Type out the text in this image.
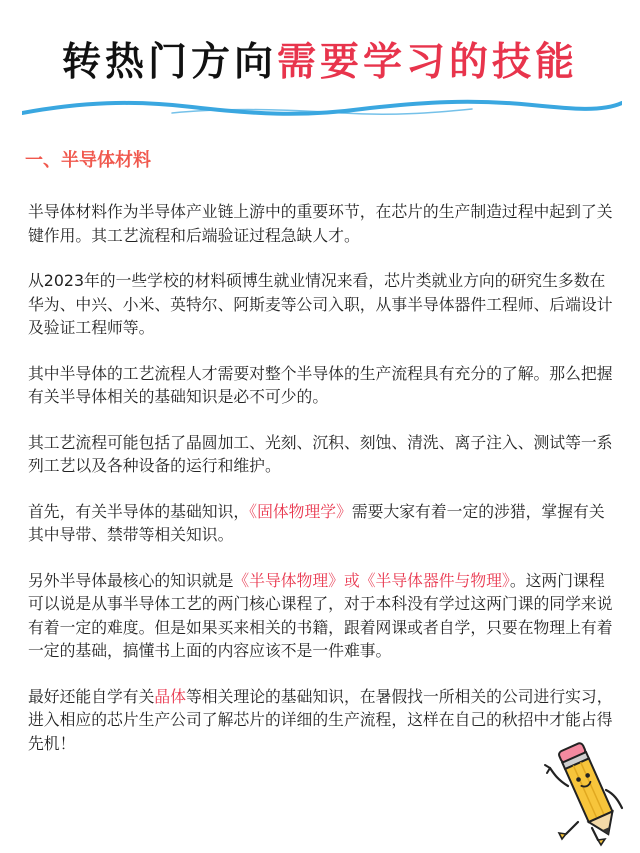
转热门方向需要学习的技能
一、半导体材料

半导体材料作为半导体产业链上游中的重要环节，在芯片的生产制造过程中起到了关键作用。其工艺流程和后端验证过程急缺人才。

从2023年的一些学校的材料硕博生就业情况来看，芯片类就业方向的研究生多数在华为、中兴、小米、英特尔、阿斯麦等公司入职，从事半导体器件工程师、后端设计及验证工程师等。

其中半导体的工艺流程人才需要对整个半导体的生产流程具有充分的了解。那么把握有关半导体相关的基础知识是必不可少的。

其工艺流程可能包括了晶圆加工、光刻、沉积、刻蚀、清洗、离子注入、测试等一系列工艺以及各种设备的运行和维护。

首先，有关半导体的基础知识，《固体物理学》需要大家有着一定的涉猎，掌握有关其中导带、禁带等相关知识。

另外半导体最核心的知识就是《半导体物理》或《半导体器件与物理》。这两门课程可以说是从事半导体工艺的两门核心课程了，对于本科没有学过这两门课的同学来说有着一定的难度。但是如果买来相关的书籍，跟着网课或者自学，只要在物理上有着一定的基础，搞懂书上面的内容应该不是一件难事。

最好还能自学有关晶体等相关理论的基础知识，在暑假找一所相关的公司进行实习，进入相应的芯片生产公司了解芯片的详细的生产流程，这样在自己的秋招中才能占得先机！
